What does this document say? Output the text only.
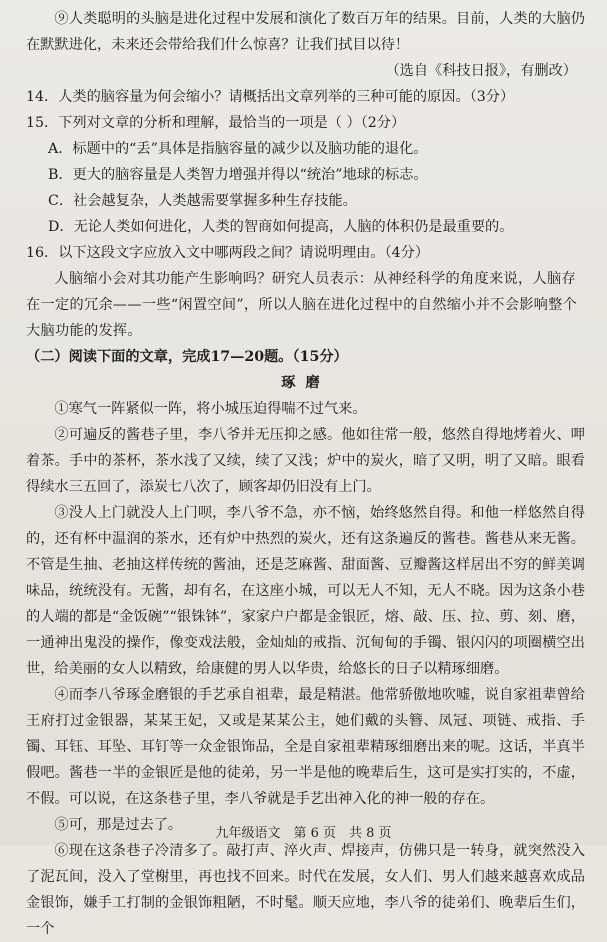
⑨人类聪明的头脑是进化过程中发展和演化了数百万年的结果。目前，人类的大脑仍在默默进化，未来还会带给我们什么惊喜？让我们拭目以待！

（选自《科技日报》，有删改）

14．人类的脑容量为何会缩小？请概括出文章列举的三种可能的原因。（3分）

15．下列对文章的分析和理解，最恰当的一项是（ ）（2分）

A．标题中的“丢”具体是指脑容量的减少以及脑功能的退化。

B．更大的脑容量是人类智力增强并得以“统治”地球的标志。

C．社会越复杂，人类越需要掌握多种生存技能。

D．无论人类如何进化，人类的智商如何提高，人脑的体积仍是最重要的。

16．以下这段文字应放入文中哪两段之间？请说明理由。（4分）

人脑缩小会对其功能产生影响吗？研究人员表示：从神经科学的角度来说，人脑存在一定的冗余——一些“闲置空间”，所以人脑在进化过程中的自然缩小并不会影响整个大脑功能的发挥。

（二）阅读下面的文章，完成17—20题。（15分）

琢磨

①寒气一阵紧似一阵，将小城压迫得喘不过气来。

②可遍反的酱巷子里，李八爷并无压抑之感。他如往常一般，悠然自得地烤着火、呷着茶。手中的茶杯，茶水浅了又续，续了又浅；炉中的炭火，暗了又明，明了又暗。眼看得续水三五回了，添炭七八次了，顾客却仍旧没有上门。

③没人上门就没人上门呗，李八爷不急，亦不恼，始终悠然自得。和他一样悠然自得的，还有杯中温润的茶水，还有炉中热烈的炭火，还有这条遍反的酱巷。酱巷从来无酱。不管是生抽、老抽这样传统的酱油，还是芝麻酱、甜面酱、豆瓣酱这样居出不穷的鲜美调味品，统统没有。无酱，却有名，在这座小城，可以无人不知，无人不晓。因为这条小巷的人端的都是“金饭碗”“银铢钵”，家家户户都是金银匠，熔、敲、压、拉、剪、刻、磨，一通神出鬼没的操作，像变戏法般，金灿灿的戒指、沉甸甸的手镯、银闪闪的项圈横空出世，给美丽的女人以精致，给康健的男人以华贵，给悠长的日子以精琢细磨。

④而李八爷琢金磨银的手艺承自祖辈，最是精湛。他常骄傲地吹嘘，说自家祖辈曾给王府打过金银器，某某王妃，又或是某某公主，她们戴的头簪、凤冠、项链、戒指、手镯、耳钰、耳坠、耳钉等一众金银饰品，全是自家祖辈精琢细磨出来的呢。这话，半真半假吧。酱巷一半的金银匠是他的徒弟，另一半是他的晚辈后生，这可是实打实的，不虚，不假。可以说，在这条巷子里，李八爷就是手艺出神入化的神一般的存在。

⑤可，那是过去了。

⑥现在这条巷子冷清多了。敲打声、淬火声、焊接声，仿佛只是一转身，就突然没入了泥瓦间，没入了堂榭里，再也找不回来。时代在发展，女人们、男人们越来越喜欢成品金银饰，嫌手工打制的金银饰粗陋，不时髦。顺天应地，李八爷的徒弟们、晚辈后生们，一个

九年级语文　第 6 页　共 8 页
